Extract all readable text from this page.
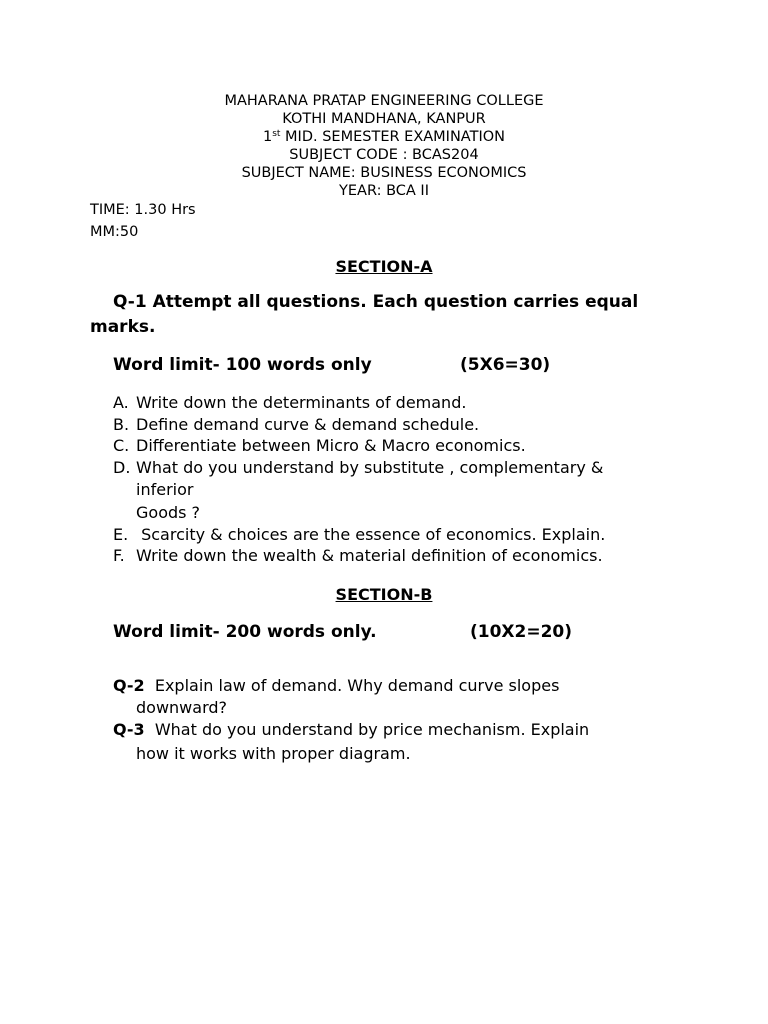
MAHARANA PRATAP ENGINEERING COLLEGE
KOTHI MANDHANA, KANPUR
1st MID. SEMESTER EXAMINATION
SUBJECT CODE : BCAS204
SUBJECT NAME: BUSINESS ECONOMICS
YEAR: BCA II
TIME: 1.30 Hrs
MM:50
SECTION-A
Q-1 Attempt all questions. Each question carries equal
marks.
Word limit- 100 words only	(5X6=30)
A. Write down the determinants of demand.
B. Define demand curve & demand schedule.
C. Differentiate between Micro & Macro economics.
D. What do you understand by substitute , complementary &
inferior
Goods ?
E. Scarcity & choices are the essence of economics. Explain.
F. Write down the wealth & material definition of economics.
SECTION-B
Word limit- 200 words only.	(10X2=20)
Q-2  Explain law of demand. Why demand curve slopes
downward?
Q-3  What do you understand by price mechanism. Explain
how it works with proper diagram.
